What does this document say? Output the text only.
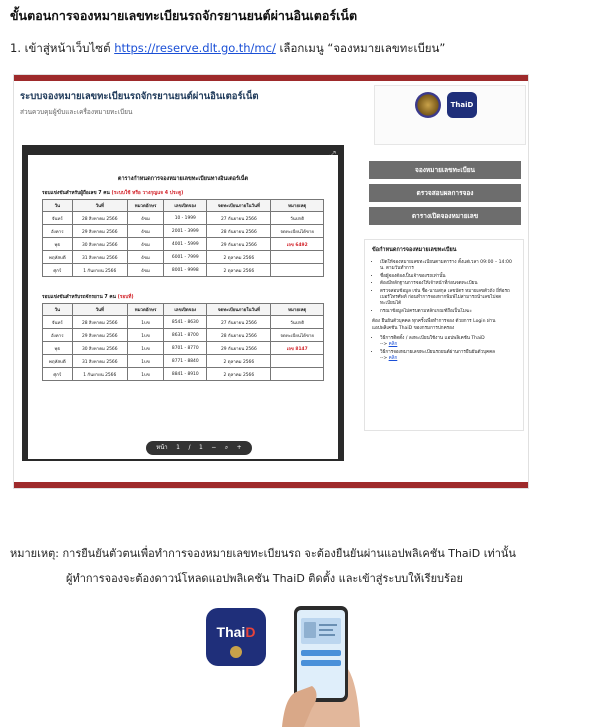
ขั้นตอนการจองหมายเลขทะเบียนรถจักรยานยนต์ผ่านอินเตอร์เน็ต
1. เข้าสู่หน้าเว็บไซต์ https://reserve.dlt.go.th/mc/ เลือกเมนู “จองหมายเลขทะเบียน”
ระบบจองหมายเลขทะเบียนรถจักรยานยนต์ผ่านอินเตอร์เน็ต
ส่วนควบคุมผู้ขับและเครื่องหมายทะเบียน
ThaiD
ตารางกำหนดการจองหมายเลขทะเบียนทางอินเตอร์เน็ต
รอบแข่งขันสำหรับผู้ถือเลข 7 คน (ระบบใช้ หรือ วางกุญแจ 4 ประตู)
วัน	วันที่	หมวดอักษร	เลขเปิดจอง	จดทะเบียนภายในวันที่	หมายเหตุ
จันทร์	28 สิงหาคม 2566	4ขม	10 - 1999	27 กันยายน 2566	วันปกติ
อังคาร	29 สิงหาคม 2566	4ขม	2001 - 3999	28 กันยายน 2566	จดทะเบียนได้ขาย
พุธ	30 สิงหาคม 2566	4ขม	4001 - 5999	29 กันยายน 2566	เลข 6492
พฤหัสบดี	31 สิงหาคม 2566	4ขม	6001 - 7999	2 ตุลาคม 2566	
ศุกร์	1 กันยายน 2566	4ขม	8001 - 9998	2 ตุลาคม 2566	
รอบแข่งขันสำหรับรถจักรยาน 7 คน (รอบที่)
วัน	วันที่	หมวดอักษร	เลขเปิดจอง	จดทะเบียนภายในวันที่	หมายเหตุ
จันทร์	28 สิงหาคม 2566	1บข	8541 - 8630	27 กันยายน 2566	วันปกติ
อังคาร	29 สิงหาคม 2566	1บข	8631 - 8700	28 กันยายน 2566	จดทะเบียนได้ขาย
พุธ	30 สิงหาคม 2566	1บข	8701 - 8770	29 กันยายน 2566	เลข 8147
พฤหัสบดี	31 สิงหาคม 2566	1บข	8771 - 8840	2 ตุลาคม 2566	
ศุกร์	1 กันยายน 2566	1บข	8841 - 8910	2 ตุลาคม 2566	
หน้า 1 / 1 − ⌕ +
จองหมายเลขทะเบียน
ตรวจสอบผลการจอง
ตารางเปิดจองหมายเลข
ข้อกำหนดการจองหมายเลขทะเบียน
• เปิดให้จองหมายเลขทะเบียนตามตาราง ตั้งแต่เวลา 09:00 – 14:00 น. ตามวันทำการ
• ชื่อผู้จองต้องเป็นเจ้าของรถเท่านั้น
• ต้องมีหลักฐานการจองให้เจ้าหน้าที่ก่อนจดทะเบียน
• ตรวจสอบข้อมูล เช่น ชื่อ-นามสกุล เลขบัตร หมายเลขตัวถัง ยี่ห้อรถ เบอร์โทรศัพท์ ก่อนทำการจองหากพิมพ์ไม่สามารถนำเลขไปจดทะเบียนได้
• กรณาข้อมูลไม่ครบตามหลักเกณฑ์ถือเป็นโมฆะ
ต้อง ยืนยันตัวบุคคล ทุกครั้งเพื่อทำการจอง ด้วยการ Login ผ่านแอปพลิเคชัน ThaiD ของกรมการปกครอง
• วิธีการติดตั้ง / ลงทะเบียนใช้งาน แอปพลิเคชัน ThaiD
--> คลิก
• วิธีการจองหมายเลขทะเบียนรถยนต์ผ่านการยืนยันตัวบุคคล
--> คลิก
หมายเหตุ: การยืนยันตัวตนเพื่อทำการจองหมายเลขทะเบียนรถ จะต้องยืนยันผ่านแอปพลิเคชัน ThaiD เท่านั้น
ผู้ทำการจองจะต้องดาวน์โหลดแอปพลิเคชัน ThaiD ติดตั้ง และเข้าสู่ระบบให้เรียบร้อย
ThaiD
